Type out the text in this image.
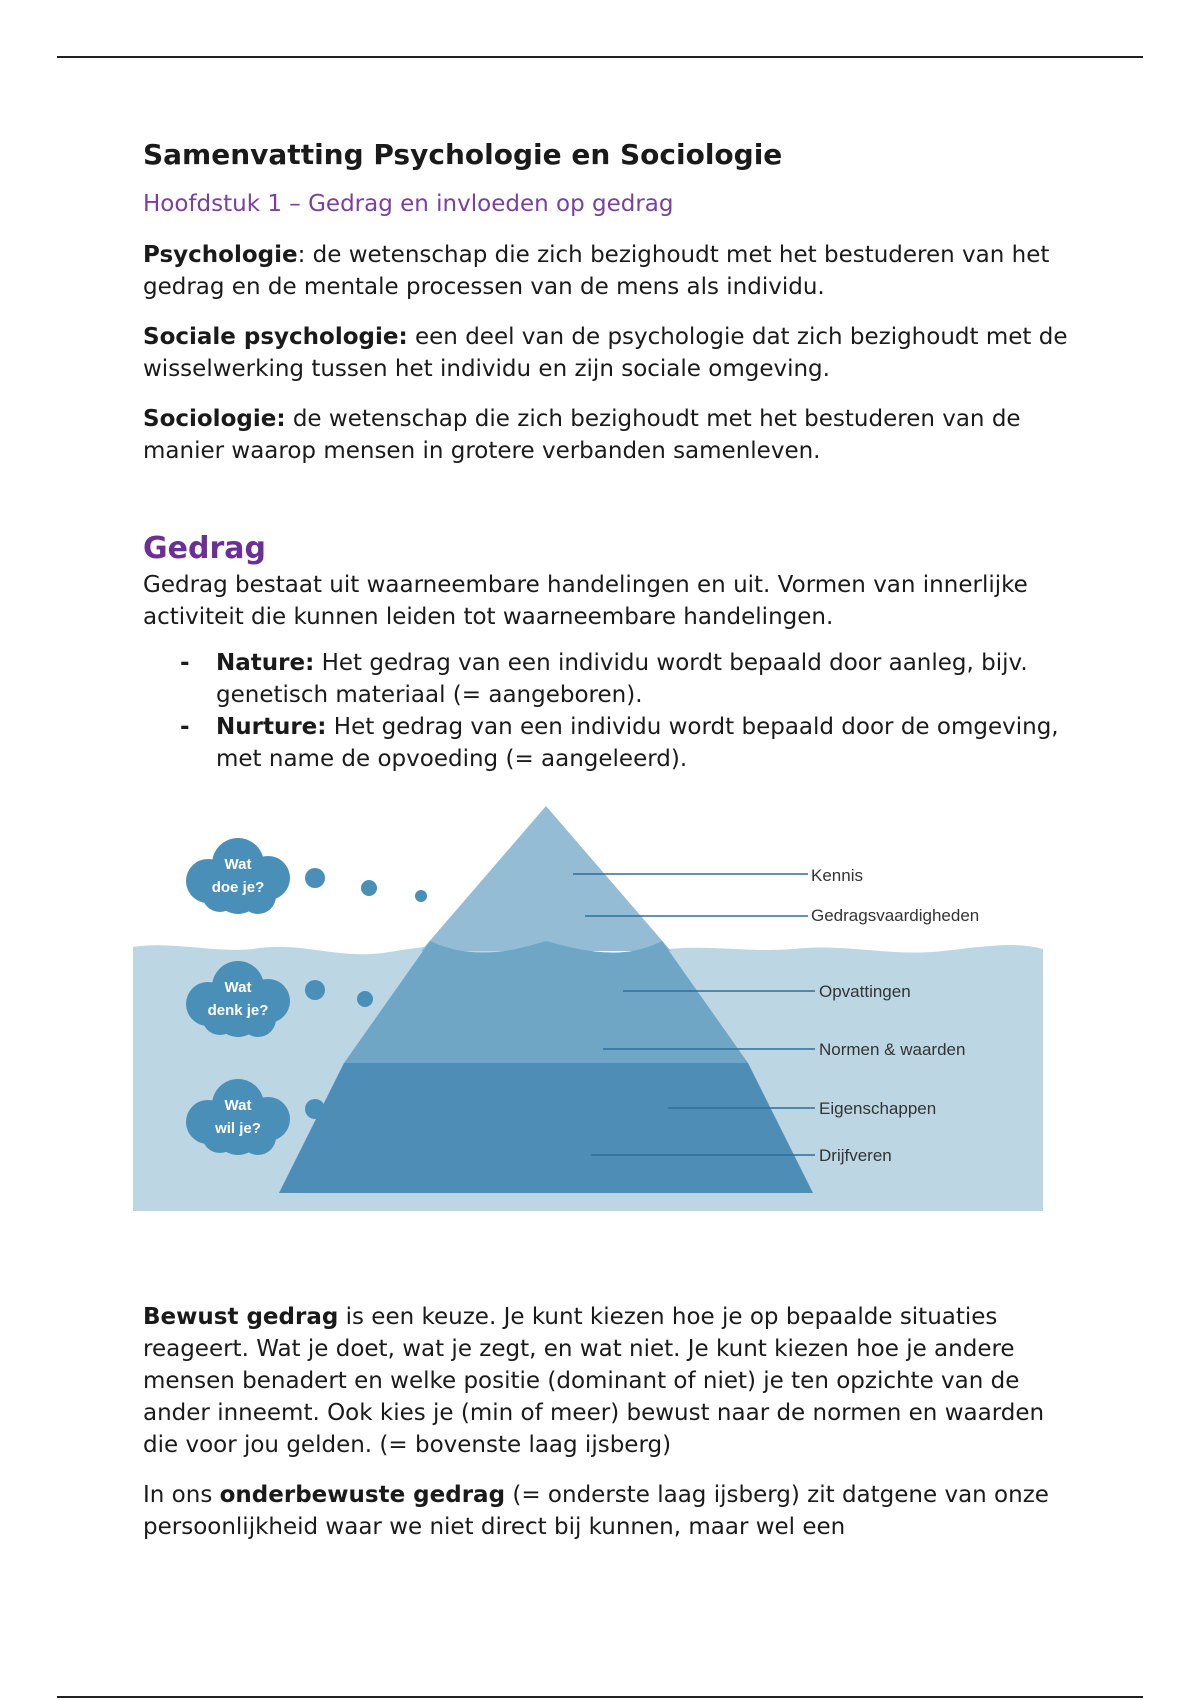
Samenvatting Psychologie en Sociologie
Hoofdstuk 1 – Gedrag en invloeden op gedrag

Psychologie: de wetenschap die zich bezighoudt met het bestuderen van het gedrag en de mentale processen van de mens als individu.

Sociale psychologie: een deel van de psychologie dat zich bezighoudt met de wisselwerking tussen het individu en zijn sociale omgeving.

Sociologie: de wetenschap die zich bezighoudt met het bestuderen van de manier waarop mensen in grotere verbanden samenleven.

Gedrag

Gedrag bestaat uit waarneembare handelingen en uit. Vormen van innerlijke activiteit die kunnen leiden tot waarneembare handelingen.

- Nature: Het gedrag van een individu wordt bepaald door aanleg, bijv. genetisch materiaal (= aangeboren).
- Nurture: Het gedrag van een individu wordt bepaald door de omgeving, met name de opvoeding (= aangeleerd).
Kennis
Gedragsvaardigheden
Opvattingen
Normen & waarden
Eigenschappen
Drijfveren
Wat
doe je?
Wat
denk je?
Wat
wil je?

Bewust gedrag is een keuze. Je kunt kiezen hoe je op bepaalde situaties reageert. Wat je doet, wat je zegt, en wat niet. Je kunt kiezen hoe je andere mensen benadert en welke positie (dominant of niet) je ten opzichte van de ander inneemt. Ook kies je (min of meer) bewust naar de normen en waarden die voor jou gelden. (= bovenste laag ijsberg)

In ons onderbewuste gedrag (= onderste laag ijsberg) zit datgene van onze persoonlijkheid waar we niet direct bij kunnen, maar wel een
